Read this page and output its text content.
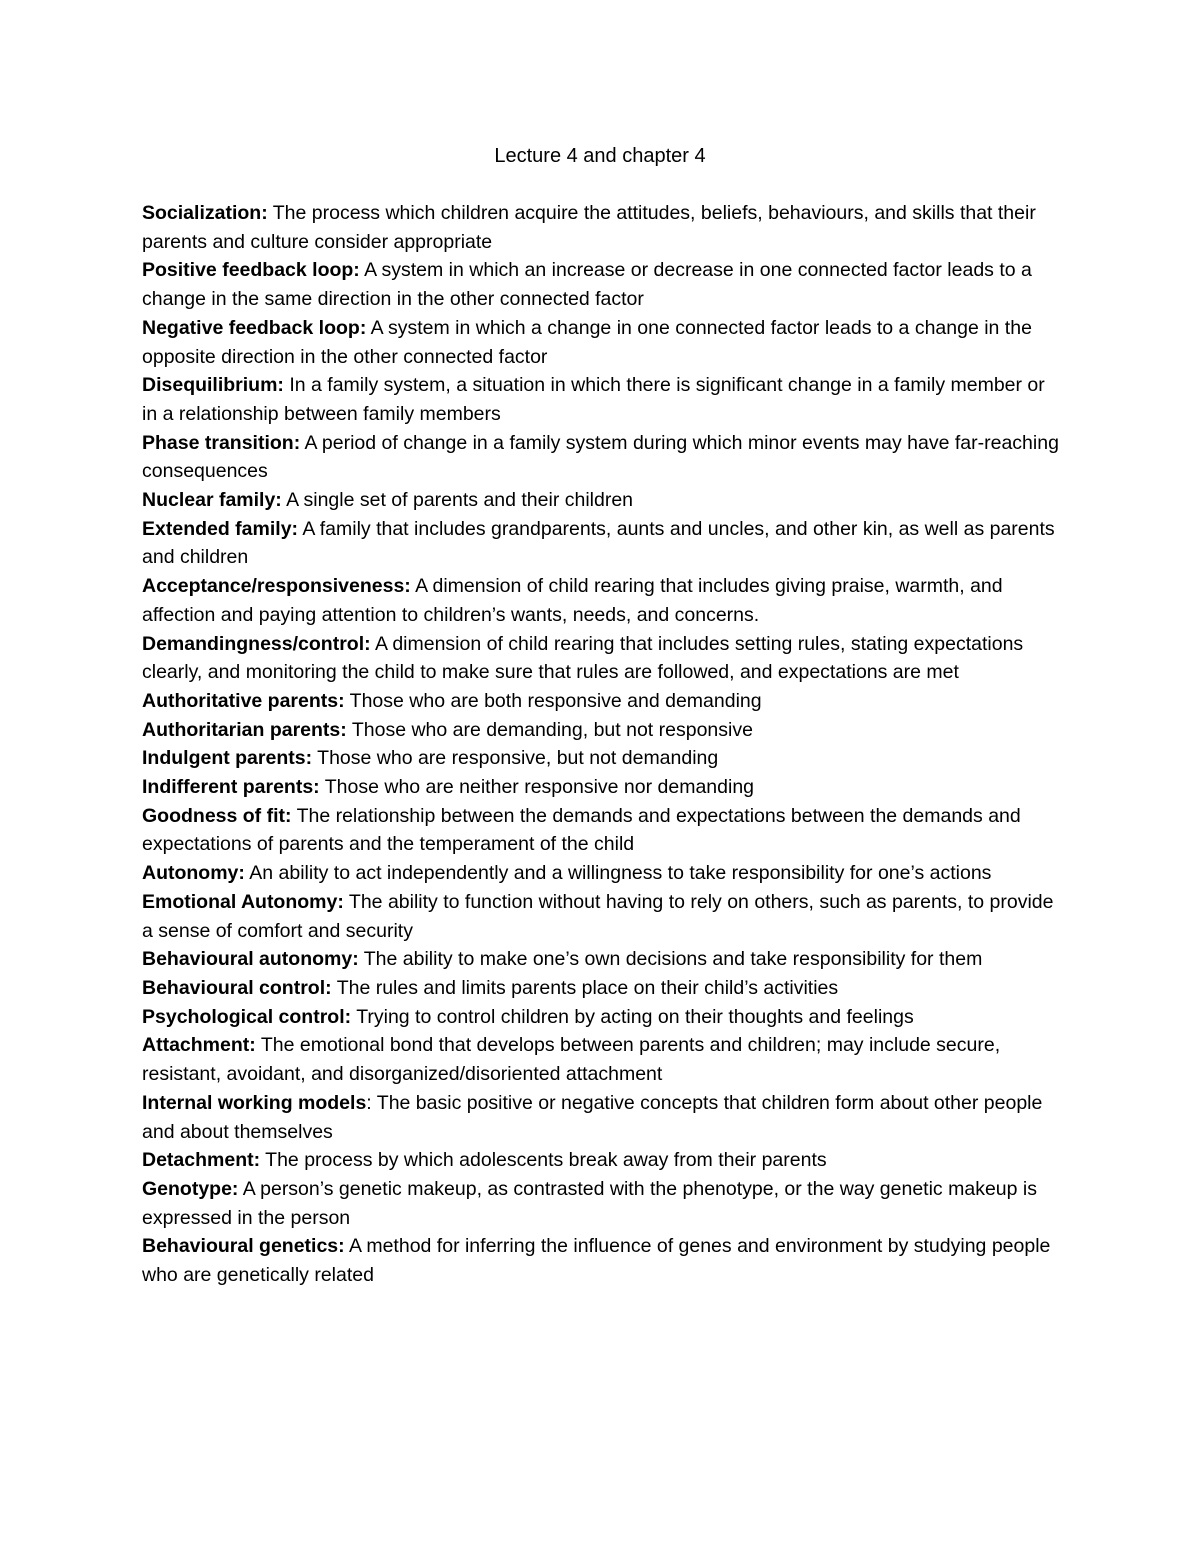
Lecture 4 and chapter 4
Socialization: The process which children acquire the attitudes, beliefs, behaviours, and skills that their parents and culture consider appropriate
Positive feedback loop: A system in which an increase or decrease in one connected factor leads to a change in the same direction in the other connected factor
Negative feedback loop: A system in which a change in one connected factor leads to a change in the opposite direction in the other connected factor
Disequilibrium: In a family system, a situation in which there is significant change in a family member or in a relationship between family members
Phase transition: A period of change in a family system during which minor events may have far-reaching consequences
Nuclear family: A single set of parents and their children
Extended family: A family that includes grandparents, aunts and uncles, and other kin, as well as parents and children
Acceptance/responsiveness: A dimension of child rearing that includes giving praise, warmth, and affection and paying attention to children’s wants, needs, and concerns.
Demandingness/control: A dimension of child rearing that includes setting rules, stating expectations clearly, and monitoring the child to make sure that rules are followed, and expectations are met
Authoritative parents: Those who are both responsive and demanding
Authoritarian parents: Those who are demanding, but not responsive
Indulgent parents: Those who are responsive, but not demanding
Indifferent parents: Those who are neither responsive nor demanding
Goodness of fit: The relationship between the demands and expectations between the demands and expectations of parents and the temperament of the child
Autonomy: An ability to act independently and a willingness to take responsibility for one’s actions
Emotional Autonomy: The ability to function without having to rely on others, such as parents, to provide a sense of comfort and security
Behavioural autonomy: The ability to make one’s own decisions and take responsibility for them
Behavioural control: The rules and limits parents place on their child’s activities
Psychological control: Trying to control children by acting on their thoughts and feelings
Attachment: The emotional bond that develops between parents and children; may include secure, resistant, avoidant, and disorganized/disoriented attachment
Internal working models: The basic positive or negative concepts that children form about other people and about themselves
Detachment: The process by which adolescents break away from their parents
Genotype: A person’s genetic makeup, as contrasted with the phenotype, or the way genetic makeup is expressed in the person
Behavioural genetics: A method for inferring the influence of genes and environment by studying people who are genetically related
